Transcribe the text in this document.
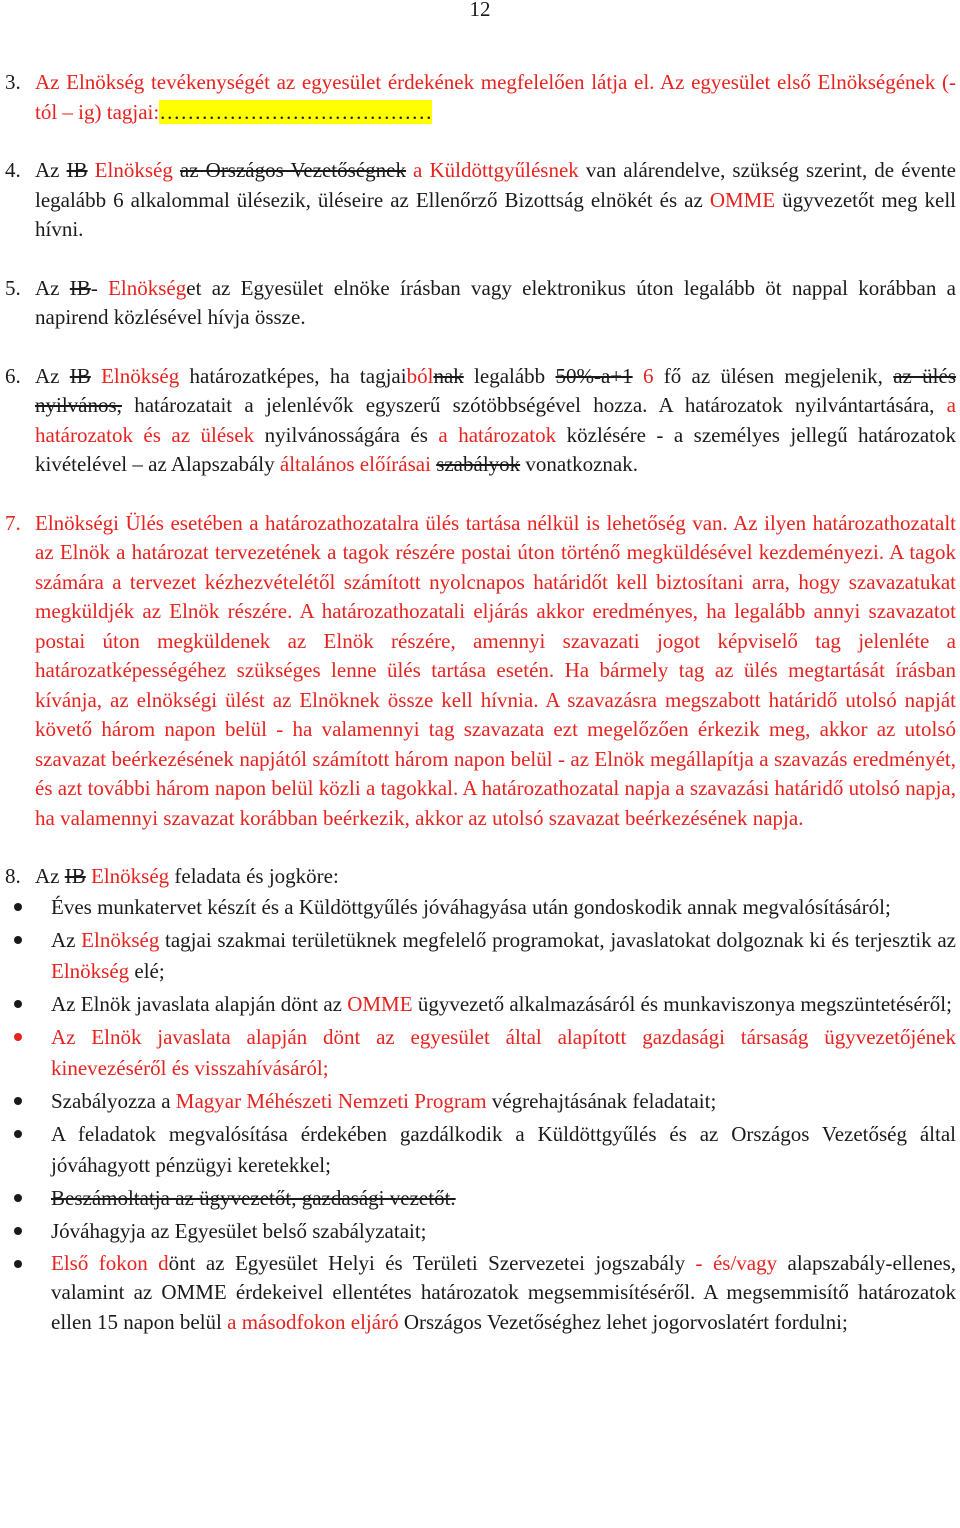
12
3. Az Elnökség tevékenységét az egyesület érdekének megfelelően látja el. Az egyesület első Elnökségének (-tól – ig) tagjai:…………………………………
4. Az IB Elnökség az Országos Vezetőségnek a Küldöttgyűlésnek van alárendelve, szükség szerint, de évente legalább 6 alkalommal ülésezik, üléseire az Ellenőrző Bizottság elnökét és az OMME ügyvezetőt meg kell hívni.
5. Az IB- Elnökséget az Egyesület elnöke írásban vagy elektronikus úton legalább öt nappal korábban a napirend közlésével hívja össze.
6. Az IB Elnökség határozatképes, ha tagjaibólnak legalább 50%-a+1 6 fő az ülésen megjelenik, az ülés nyilvános, határozatait a jelenlévők egyszerű szótöbbségével hozza. A határozatok nyilvántartására, a határozatok és az ülések nyilvánosságára és a határozatok közlésére - a személyes jellegű határozatok kivételével – az Alapszabály általános előírásai szabályok vonatkoznak.
7. Elnökségi Ülés esetében a határozathozatalra ülés tartása nélkül is lehetőség van. Az ilyen határozathozatalt az Elnök a határozat tervezetének a tagok részére postai úton történő megküldésével kezdeményezi. A tagok számára a tervezet kézhezvételétől számított nyolcnapos határidőt kell biztosítani arra, hogy szavazatukat megküldjék az Elnök részére. A határozathozatali eljárás akkor eredményes, ha legalább annyi szavazatot postai úton megküldenek az Elnök részére, amennyi szavazati jogot képviselő tag jelenléte a határozatképességéhez szükséges lenne ülés tartása esetén. Ha bármely tag az ülés megtartását írásban kívánja, az elnökségi ülést az Elnöknek össze kell hívnia. A szavazásra megszabott határidő utolsó napját követő három napon belül - ha valamennyi tag szavazata ezt megelőzően érkezik meg, akkor az utolsó szavazat beérkezésének napjától számított három napon belül - az Elnök megállapítja a szavazás eredményét, és azt további három napon belül közli a tagokkal. A határozathozatal napja a szavazási határidő utolsó napja, ha valamennyi szavazat korábban beérkezik, akkor az utolsó szavazat beérkezésének napja.
8. Az IB Elnökség feladata és jogköre:
Éves munkatervet készít és a Küldöttgyűlés jóváhagyása után gondoskodik annak megvalósításáról;
Az Elnökség tagjai szakmai területüknek megfelelő programokat, javaslatokat dolgoznak ki és terjesztik az Elnökség elé;
Az Elnök javaslata alapján dönt az OMME ügyvezető alkalmazásáról és munkaviszonya megszüntetéséről;
Az Elnök javaslata alapján dönt az egyesület által alapított gazdasági társaság ügyvezetőjének kinevezéséről és visszahívásáról;
Szabályozza a Magyar Méhészeti Nemzeti Program végrehajtásának feladatait;
A feladatok megvalósítása érdekében gazdálkodik a Küldöttgyűlés és az Országos Vezetőség által jóváhagyott pénzügyi keretekkel;
Beszámoltatja az ügyvezetőt, gazdasági vezetőt.
Jóváhagyja az Egyesület belső szabályzatait;
Első fokon dönt az Egyesület Helyi és Területi Szervezetei jogszabály - és/vagy alapszabály-ellenes, valamint az OMME érdekeivel ellentétes határozatok megsemmisítéséről. A megsemmisítő határozatok ellen 15 napon belül a másodfokon eljáró Országos Vezetőséghez lehet jogorvoslatért fordulni;
